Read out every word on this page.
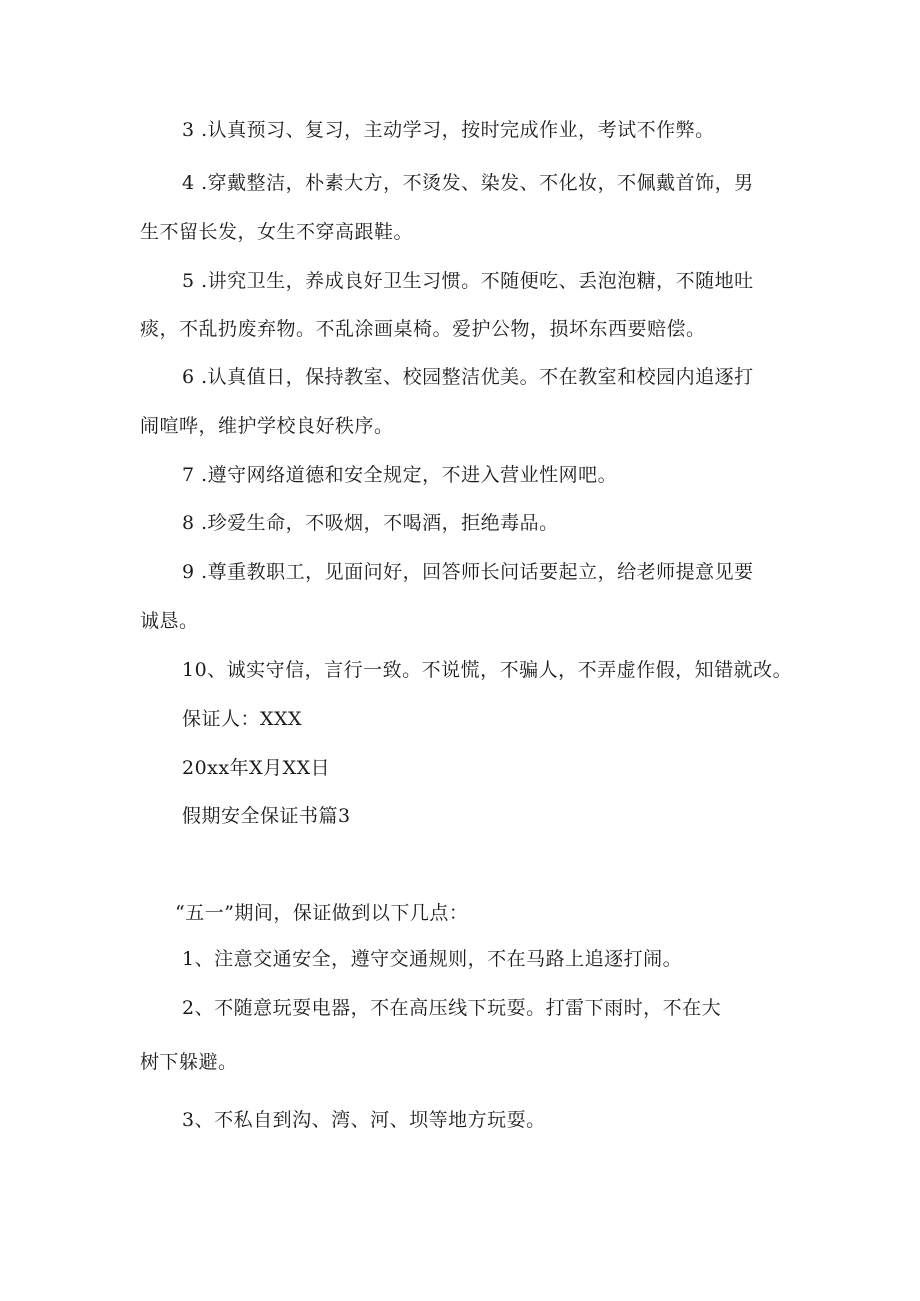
3 .认真预习、复习，主动学习，按时完成作业，考试不作弊。
4 .穿戴整洁，朴素大方，不烫发、染发、不化妆，不佩戴首饰，男
生不留长发，女生不穿高跟鞋。
5 .讲究卫生，养成良好卫生习惯。不随便吃、丢泡泡糖，不随地吐
痰，不乱扔废弃物。不乱涂画桌椅。爱护公物，损坏东西要赔偿。
6 .认真值日，保持教室、校园整洁优美。不在教室和校园内追逐打
闹喧哗，维护学校良好秩序。
7 .遵守网络道德和安全规定，不进入营业性网吧。
8 .珍爱生命，不吸烟，不喝酒，拒绝毒品。
9 .尊重教职工，见面问好，回答师长问话要起立，给老师提意见要
诚恳。
10、诚实守信，言行一致。不说慌，不骗人，不弄虚作假，知错就改。
保证人：XXX
20xx年X月XX日
假期安全保证书篇3
“五一”期间，保证做到以下几点：
1、注意交通安全，遵守交通规则，不在马路上追逐打闹。
2、不随意玩耍电器，不在高压线下玩耍。打雷下雨时，不在大
树下躲避。
3、不私自到沟、湾、河、坝等地方玩耍。
